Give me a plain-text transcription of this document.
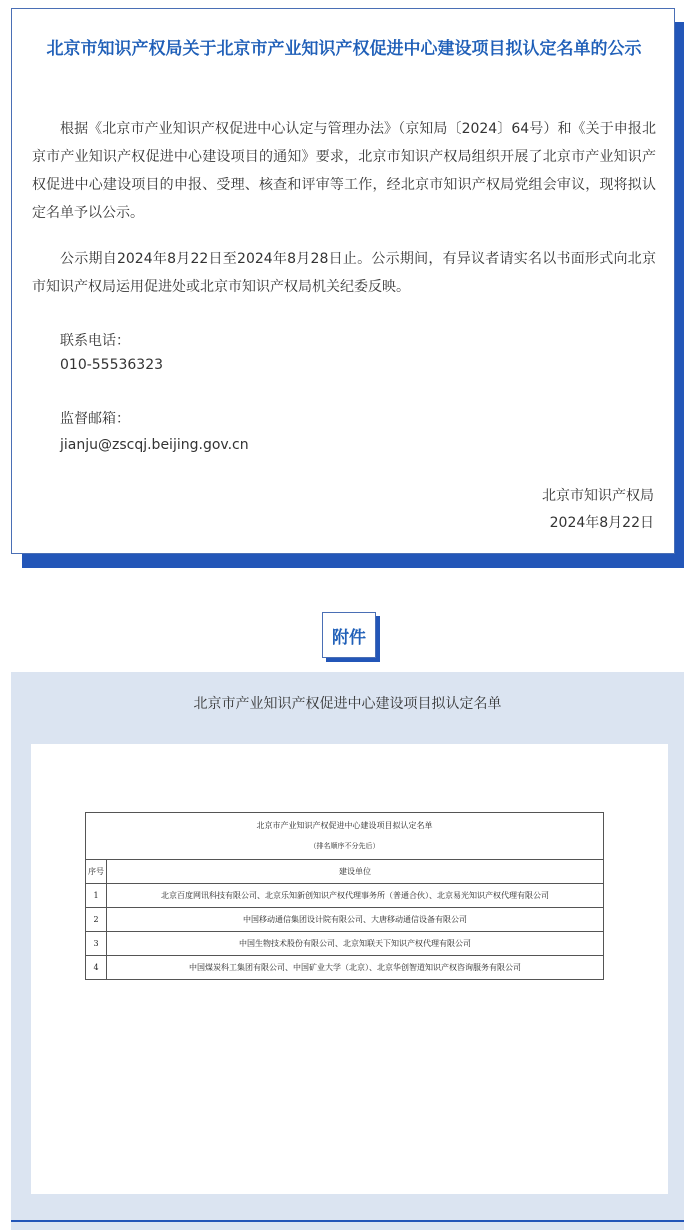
北京市知识产权局关于北京市产业知识产权促进中心建设项目拟认定名单的公示

根据《北京市产业知识产权促进中心认定与管理办法》（京知局〔2024〕64号）和《关于申报北京市产业知识产权促进中心建设项目的通知》要求，北京市知识产权局组织开展了北京市产业知识产权促进中心建设项目的申报、受理、核查和评审等工作，经北京市知识产权局党组会审议，现将拟认定名单予以公示。

公示期自2024年8月22日至2024年8月28日止。公示期间，有异议者请实名以书面形式向北京市知识产权局运用促进处或北京市知识产权局机关纪委反映。

联系电话：
010-55536323
监督邮箱：
jianju@zscqj.beijing.gov.cn
北京市知识产权局
2024年8月22日
附件
北京市产业知识产权促进中心建设项目拟认定名单
北京市产业知识产权促进中心建设项目拟认定名单
（排名顺序不分先后）	

序号	建设单位
1	北京百度网讯科技有限公司、北京乐知新创知识产权代理事务所（普通合伙）、北京易光知识产权代理有限公司
2	中国移动通信集团设计院有限公司、大唐移动通信设备有限公司
3	中国生物技术股份有限公司、北京知联天下知识产权代理有限公司
4	中国煤炭科工集团有限公司、中国矿业大学（北京）、北京华创智道知识产权咨询服务有限公司
